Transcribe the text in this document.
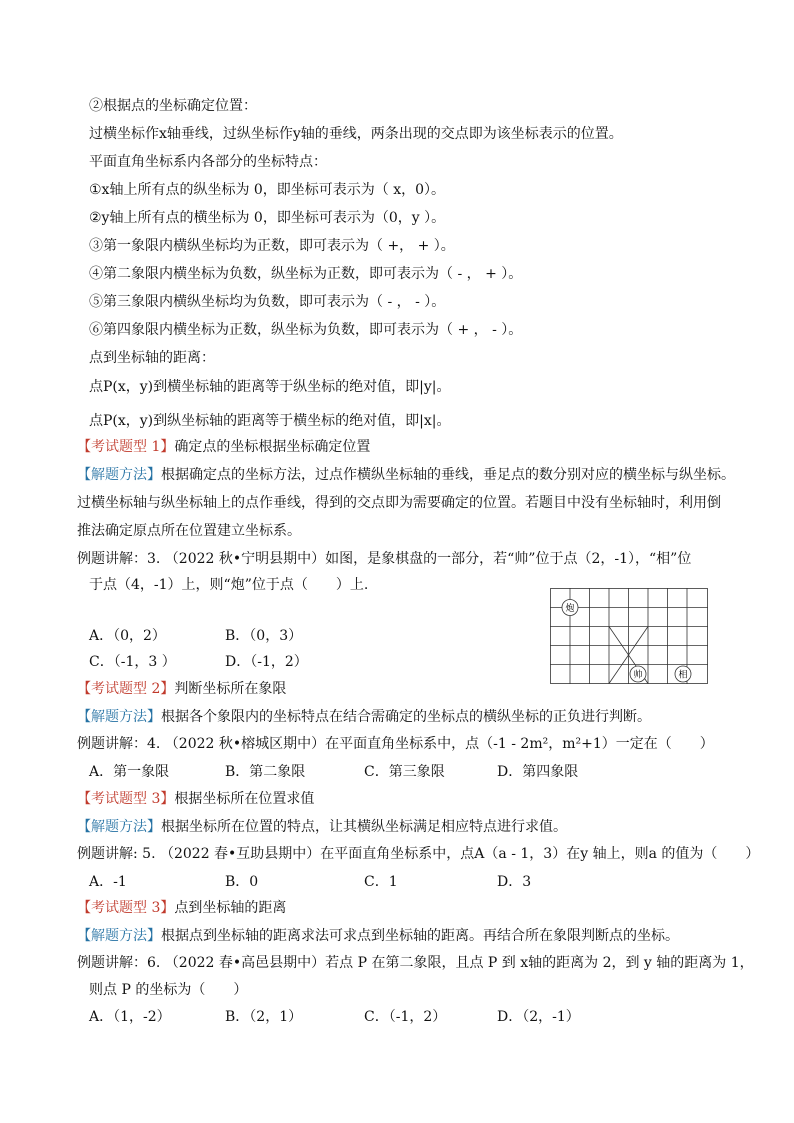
②根据点的坐标确定位置：
过横坐标作x轴垂线，过纵坐标作y轴的垂线，两条出现的交点即为该坐标表示的位置。
平面直角坐标系内各部分的坐标特点：
①x轴上所有点的纵坐标为 0，即坐标可表示为（ x，0）。
②y轴上所有点的横坐标为 0，即坐标可表示为（0，y ）。
③第一象限内横纵坐标均为正数，即可表示为（ +， + ）。
④第二象限内横坐标为负数，纵坐标为正数，即可表示为（ - ， + ）。
⑤第三象限内横纵坐标均为负数，即可表示为（ - ， - ）。
⑥第四象限内横坐标为正数，纵坐标为负数，即可表示为（ + ， - ）。
点到坐标轴的距离：
点P(x，y)到横坐标轴的距离等于纵坐标的绝对值，即|y|。
点P(x，y)到纵坐标轴的距离等于横坐标的绝对值，即|x|。
【考试题型 1】确定点的坐标根据坐标确定位置
【解题方法】根据确定点的坐标方法，过点作横纵坐标轴的垂线，垂足点的数分别对应的横坐标与纵坐标。
过横坐标轴与纵坐标轴上的点作垂线，得到的交点即为需要确定的位置。若题目中没有坐标轴时，利用倒
推法确定原点所在位置建立坐标系。
例题讲解：3. （2022 秋•宁明县期中）如图，是象棋盘的一部分，若“帅”位于点（2，-1），“相”位
于点（4，-1）上，则“炮”位于点（　　）上.
A．（0，2）	B．（0，3）
C．（-1，3 ）	D．（-1，2）
炮
帅	相
【考试题型 2】判断坐标所在象限
【解题方法】根据各个象限内的坐标特点在结合需确定的坐标点的横纵坐标的正负进行判断。
例题讲解：4. （2022 秋•榕城区期中）在平面直角坐标系中，点（-1 - 2m²，m²+1）一定在（　　）
A．第一象限	B．第二象限	C．第三象限	D．第四象限
【考试题型 3】根据坐标所在位置求值
【解题方法】根据坐标所在位置的特点，让其横纵坐标满足相应特点进行求值。
例题讲解: 5. （2022 春•互助县期中）在平面直角坐标系中，点A（a - 1，3）在y 轴上，则a 的值为（　　）
A．-1	B．0	C．1	D．3
【考试题型 3】点到坐标轴的距离
【解题方法】根据点到坐标轴的距离求法可求点到坐标轴的距离。再结合所在象限判断点的坐标。
例题讲解：6. （2022 春•高邑县期中）若点 P 在第二象限，且点 P 到 x轴的距离为 2，到 y 轴的距离为 1，
则点 P 的坐标为（　　）
A．（1，-2）	B．（2，1）	C．（-1，2）	D．（2，-1）
